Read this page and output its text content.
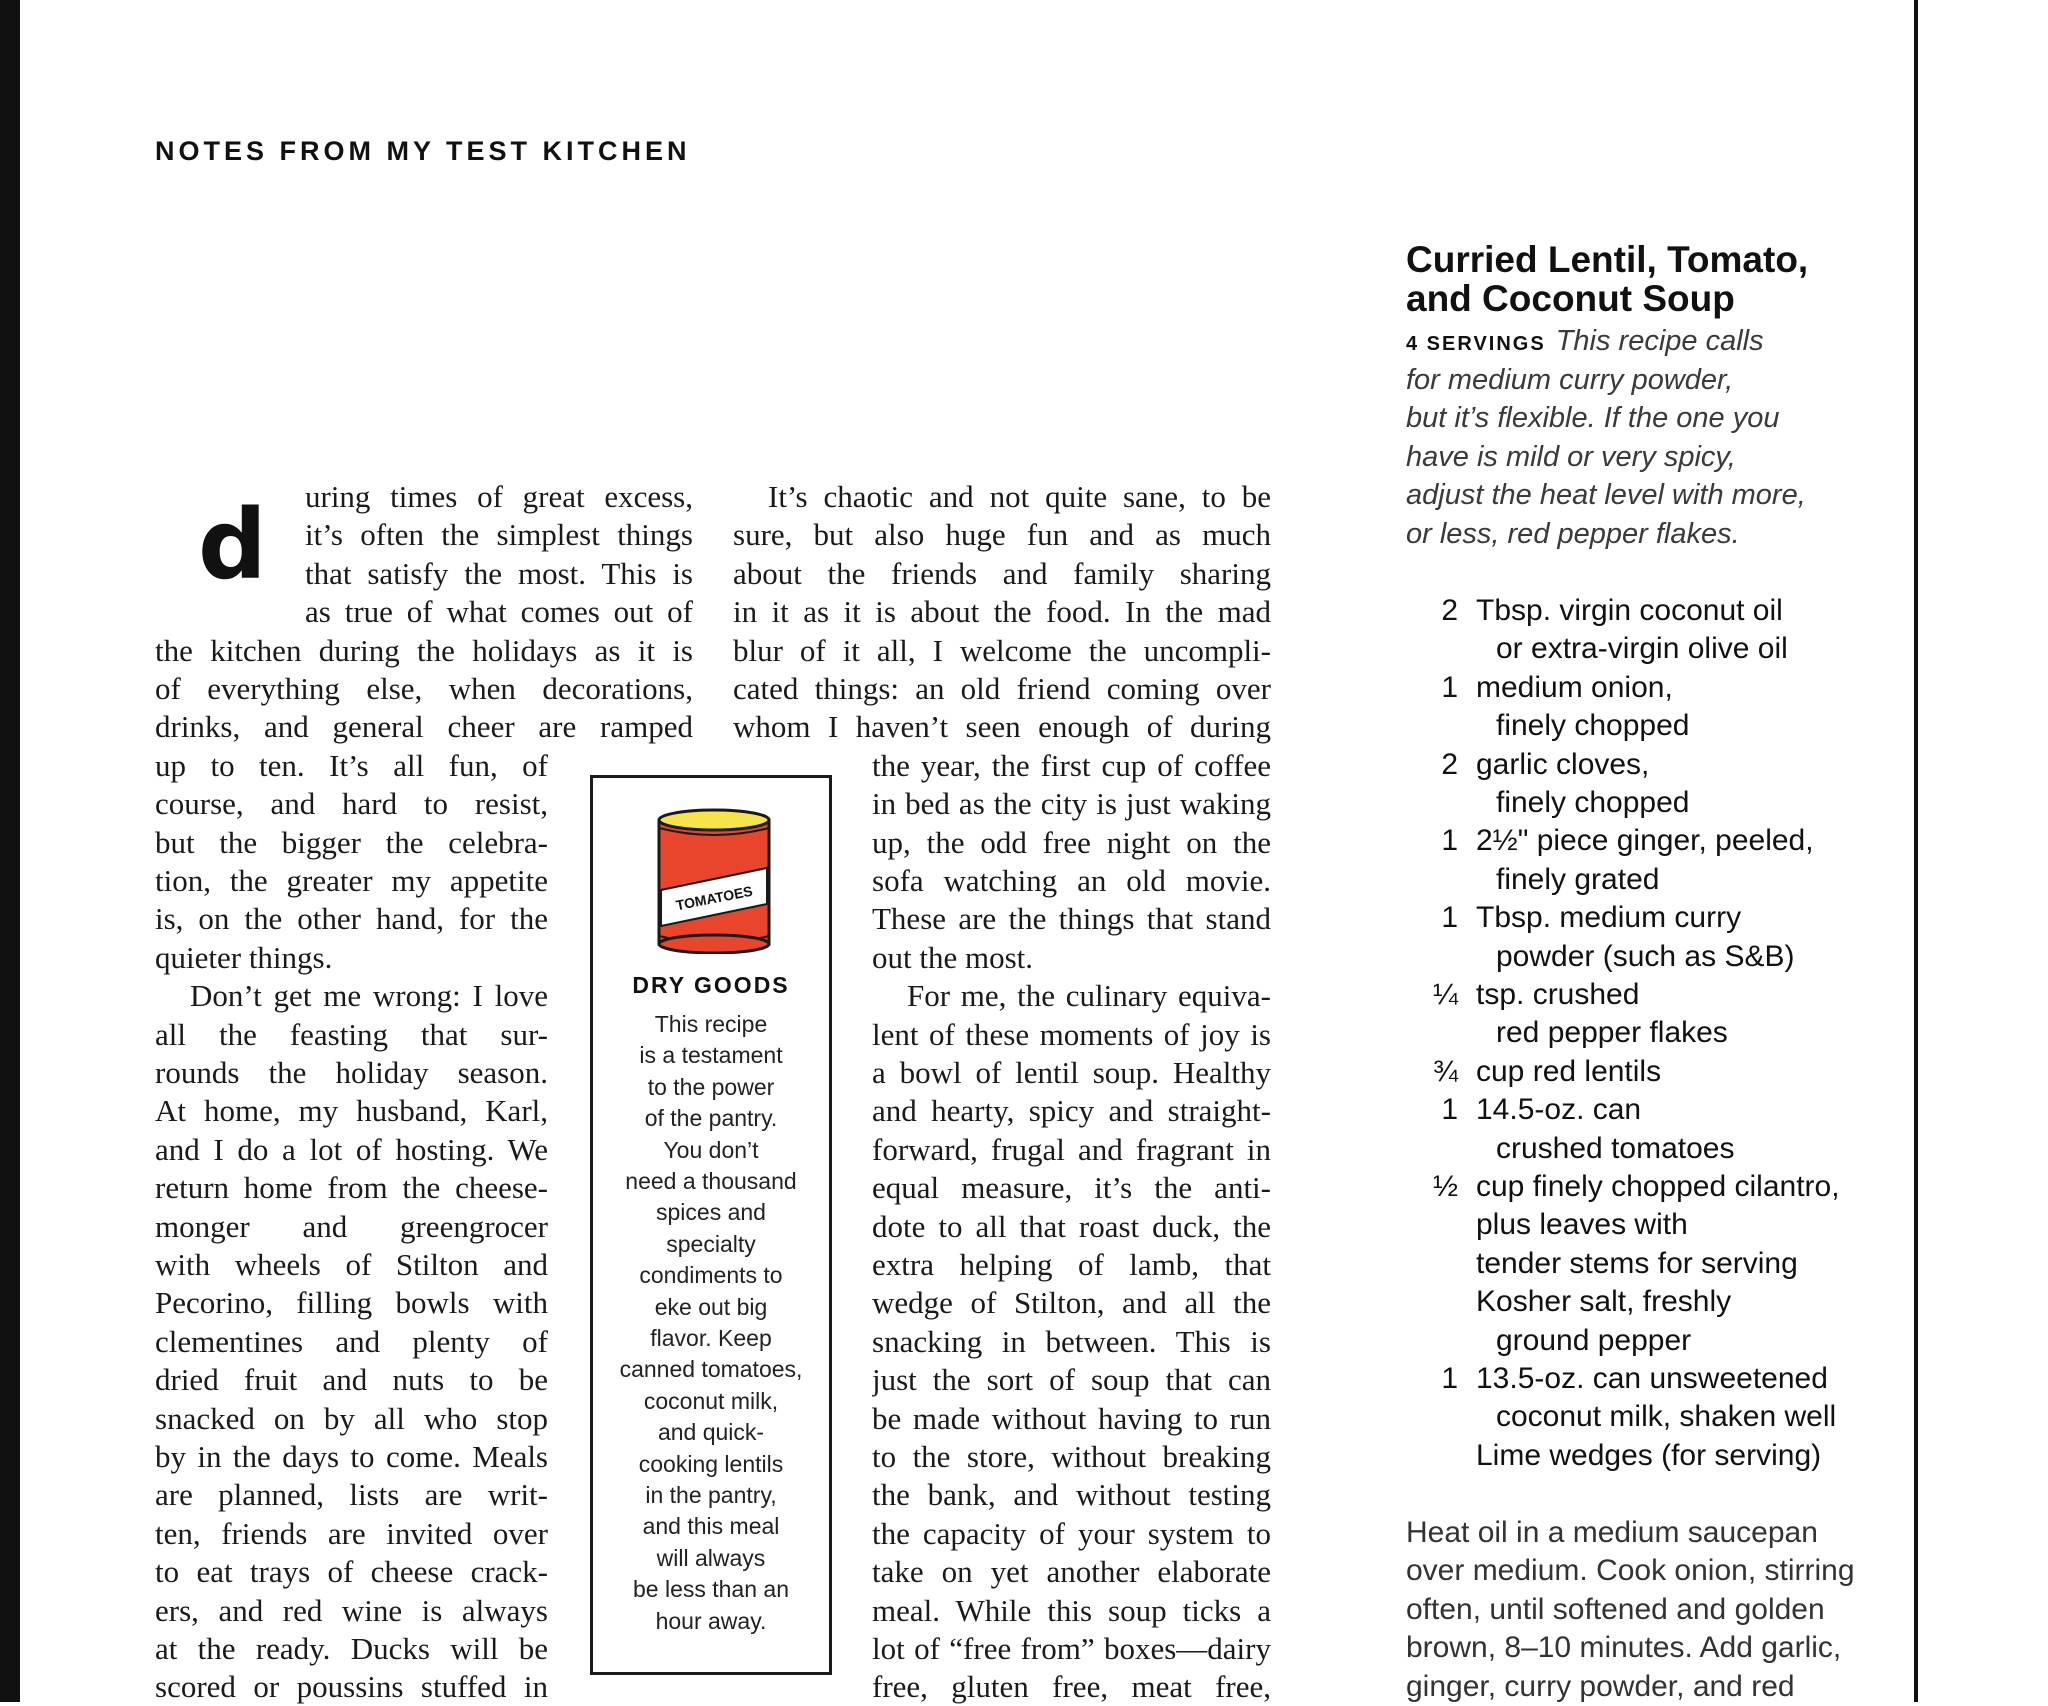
NOTES FROM MY TEST KITCHEN
d uring times of great excess,
it’s often the simplest things
that satisfy the most. This is
as true of what comes out of
the kitchen during the holidays as it is
of everything else, when decorations,
drinks, and general cheer are ramped
up to ten. It’s all fun, of
course, and hard to resist,
but the bigger the celebra-
tion, the greater my appetite
is, on the other hand, for the
quieter things.
Don’t get me wrong: I love
all the feasting that sur-
rounds the holiday season.
At home, my husband, Karl,
and I do a lot of hosting. We
return home from the cheese-
monger and greengrocer
with wheels of Stilton and
Pecorino, filling bowls with
clementines and plenty of
dried fruit and nuts to be
snacked on by all who stop
by in the days to come. Meals
are planned, lists are writ-
ten, friends are invited over
to eat trays of cheese crack-
ers, and red wine is always
at the ready. Ducks will be
scored or poussins stuffed in
It’s chaotic and not quite sane, to be
sure, but also huge fun and as much
about the friends and family sharing
in it as it is about the food. In the mad
blur of it all, I welcome the uncompli-
cated things: an old friend coming over
whom I haven’t seen enough of during
the year, the first cup of coffee
in bed as the city is just waking
up, the odd free night on the
sofa watching an old movie.
These are the things that stand
out the most.
For me, the culinary equiva-
lent of these moments of joy is
a bowl of lentil soup. Healthy
and hearty, spicy and straight-
forward, frugal and fragrant in
equal measure, it’s the anti-
dote to all that roast duck, the
extra helping of lamb, that
wedge of Stilton, and all the
snacking in between. This is
just the sort of soup that can
be made without having to run
to the store, without breaking
the bank, and without testing
the capacity of your system to
take on yet another elaborate
meal. While this soup ticks a
lot of “free from” boxes—dairy
free, gluten free, meat free,
TOMATOES
DRY GOODS
This recipe
is a testament
to the power
of the pantry.
You don’t
need a thousand
spices and
specialty
condiments to
eke out big
flavor. Keep
canned tomatoes,
coconut milk,
and quick-
cooking lentils
in the pantry,
and this meal
will always
be less than an
hour away.
Curried Lentil, Tomato,
and Coconut Soup
4 SERVINGS This recipe calls
for medium curry powder,
but it’s flexible. If the one you
have is mild or very spicy,
adjust the heat level with more,
or less, red pepper flakes.
2 Tbsp. virgin coconut oil
or extra-virgin olive oil
1 medium onion,
finely chopped
2 garlic cloves,
finely chopped
1 2½" piece ginger, peeled,
finely grated
1 Tbsp. medium curry
powder (such as S&B)
¼ tsp. crushed
red pepper flakes
¾ cup red lentils
1 14.5-oz. can
crushed tomatoes
½ cup finely chopped cilantro,
plus leaves with
tender stems for serving
Kosher salt, freshly
ground pepper
1 13.5-oz. can unsweetened
coconut milk, shaken well
Lime wedges (for serving)
Heat oil in a medium saucepan
over medium. Cook onion, stirring
often, until softened and golden
brown, 8–10 minutes. Add garlic,
ginger, curry powder, and red
